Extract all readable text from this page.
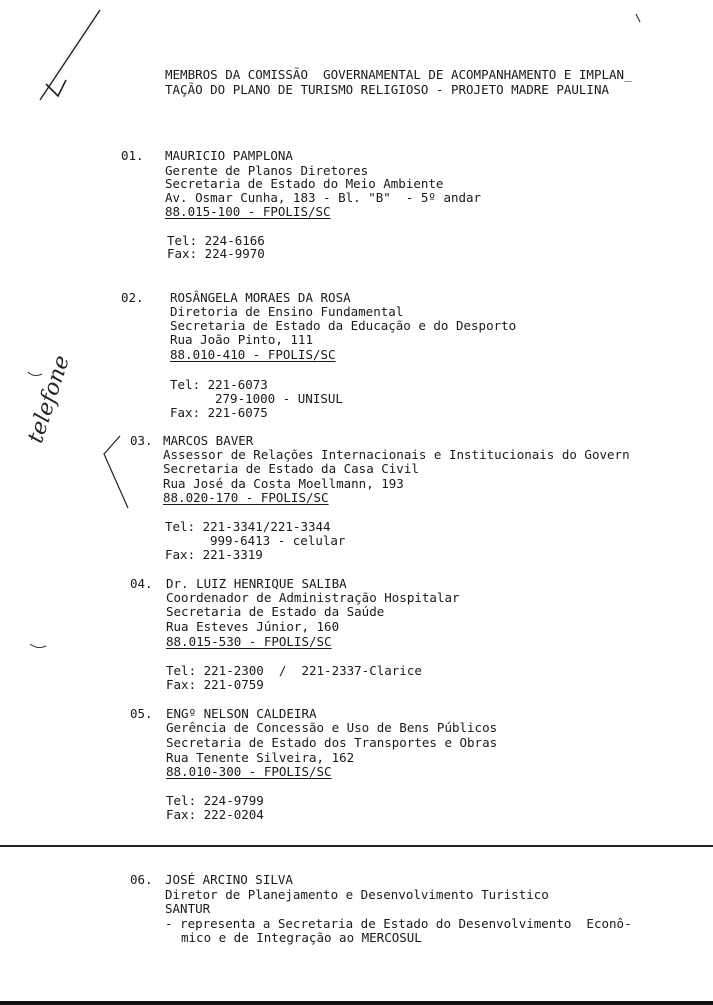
telefone
MEMBROS DA COMISSÃO  GOVERNAMENTAL DE ACOMPANHAMENTO E IMPLAN_
TAÇÃO DO PLANO DE TURISMO RELIGIOSO - PROJETO MADRE PAULINA
01. MAURICIO PAMPLONA
Gerente de Planos Diretores
Secretaria de Estado do Meio Ambiente
Av. Osmar Cunha, 183 - Bl. "B"  - 5º andar
88.015-100 - FPOLIS/SC
Tel: 224-6166
Fax: 224-9970
02. ROSÂNGELA MORAES DA ROSA
Diretoria de Ensino Fundamental
Secretaria de Estado da Educação e do Desporto
Rua João Pinto, 111
88.010-410 - FPOLIS/SC
Tel: 221-6073
279-1000 - UNISUL
Fax: 221-6075
03. MARCOS BAVER
Assessor de Relações Internacionais e Institucionais do Govern
Secretaria de Estado da Casa Civil
Rua José da Costa Moellmann, 193
88.020-170 - FPOLIS/SC
Tel: 221-3341/221-3344
999-6413 - celular
Fax: 221-3319
04. Dr. LUIZ HENRIQUE SALIBA
Coordenador de Administração Hospitalar
Secretaria de Estado da Saúde
Rua Esteves Júnior, 160
88.015-530 - FPOLIS/SC
Tel: 221-2300  /  221-2337-Clarice
Fax: 221-0759
05. ENGº NELSON CALDEIRA
Gerência de Concessão e Uso de Bens Públicos
Secretaria de Estado dos Transportes e Obras
Rua Tenente Silveira, 162
88.010-300 - FPOLIS/SC
Tel: 224-9799
Fax: 222-0204
06. JOSÉ ARCINO SILVA
Diretor de Planejamento e Desenvolvimento Turistico
SANTUR
- representa a Secretaria de Estado do Desenvolvimento  Econô-
mico e de Integração ao MERCOSUL
